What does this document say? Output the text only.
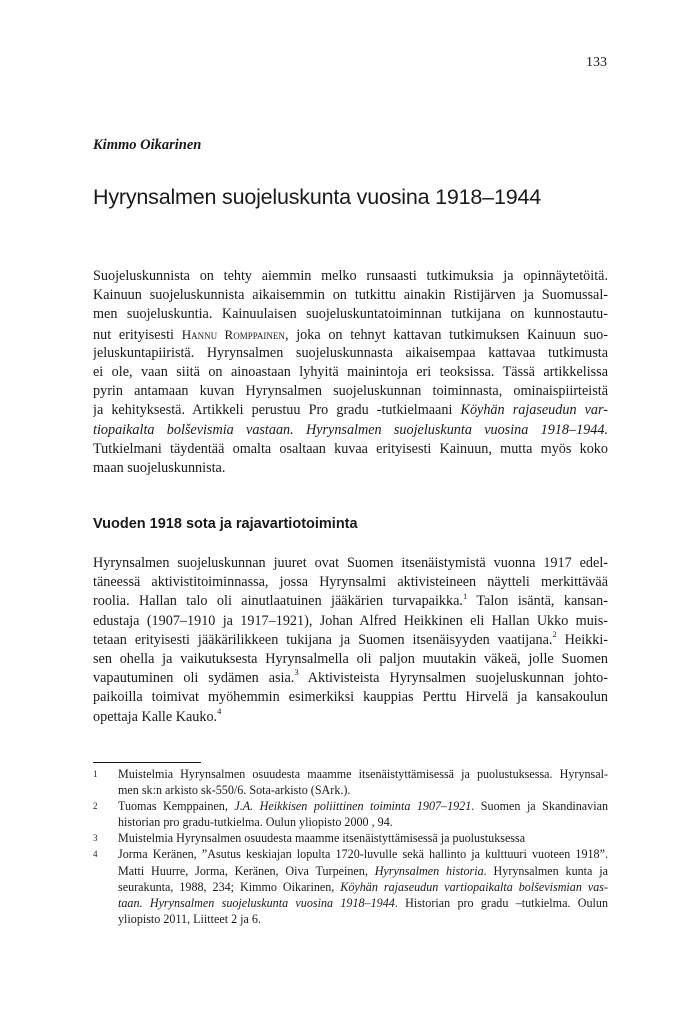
133
Kimmo Oikarinen
Hyrynsalmen suojeluskunta vuosina 1918–1944
Suojeluskunnista on tehty aiemmin melko runsaasti tutkimuksia ja opinnäytetöitä.
Kainuun suojeluskunnista aikaisemmin on tutkittu ainakin Ristijärven ja Suomussal-
men suojeluskuntia. Kainuulaisen suojeluskuntatoiminnan tutkijana on kunnostautu-
nut erityisesti Hannu Romppainen, joka on tehnyt kattavan tutkimuksen Kainuun suo-
jeluskuntapiiristä. Hyrynsalmen suojeluskunnasta aikaisempaa kattavaa tutkimusta
ei ole, vaan siitä on ainoastaan lyhyitä mainintoja eri teoksissa. Tässä artikkelissa
pyrin antamaan kuvan Hyrynsalmen suojeluskunnan toiminnasta, ominaispiirteistä
ja kehityksestä. Artikkeli perustuu Pro gradu -tutkielmaani Köyhän rajaseudun var-
tiopaikalta bolševismia vastaan. Hyrynsalmen suojeluskunta vuosina 1918–1944.
Tutkielmani täydentää omalta osaltaan kuvaa erityisesti Kainuun, mutta myös koko
maan suojeluskunnista.
Vuoden 1918 sota ja rajavartiotoiminta
Hyrynsalmen suojeluskunnan juuret ovat Suomen itsenäistymistä vuonna 1917 edel-
täneessä aktivistitoiminnassa, jossa Hyrynsalmi aktivisteineen näytteli merkittävää
roolia. Hallan talo oli ainutlaatuinen jääkärien turvapaikka.$^1$ Talon isäntä, kansan-
edustaja (1907–1910 ja 1917–1921), Johan Alfred Heikkinen eli Hallan Ukko muis-
tetaan erityisesti jääkärilikkeen tukijana ja Suomen itsenäisyyden vaatijana.$^2$ Heikki-
sen ohella ja vaikutuksesta Hyrynsalmella oli paljon muutakin väkeä, jolle Suomen
vapautuminen oli sydämen asia.$^3$ Aktivisteista Hyrynsalmen suojeluskunnan johto-
paikoilla toimivat myöhemmin esimerkiksi kauppias Perttu Hirvelä ja kansakoulun
opettaja Kalle Kauko.$^4$
1 Muistelmia Hyrynsalmen osuudesta maamme itsenäistyttämisessä ja puolustuksessa. Hyrynsal-
men sk:n arkisto sk-550/6. Sota-arkisto (SArk.).
2 Tuomas Kemppainen, J.A. Heikkisen poliittinen toiminta 1907–1921. Suomen ja Skandinavian
historian pro gradu-tutkielma. Oulun yliopisto 2000 , 94.
3 Muistelmia Hyrynsalmen osuudesta maamme itsenäistyttämisessä ja puolustuksessa
4 Jorma Keränen, ”Asutus keskiajan lopulta 1720-luvulle sekä hallinto ja kulttuuri vuoteen 1918”.
Matti Huurre, Jorma, Keränen, Oiva Turpeinen, Hyrynsalmen historia. Hyrynsalmen kunta ja
seurakunta, 1988, 234; Kimmo Oikarinen, Köyhän rajaseudun vartiopaikalta bolševismian vas-
taan. Hyrynsalmen suojeluskunta vuosina 1918–1944. Historian pro gradu –tutkielma. Oulun
yliopisto 2011, Liitteet 2 ja 6.
